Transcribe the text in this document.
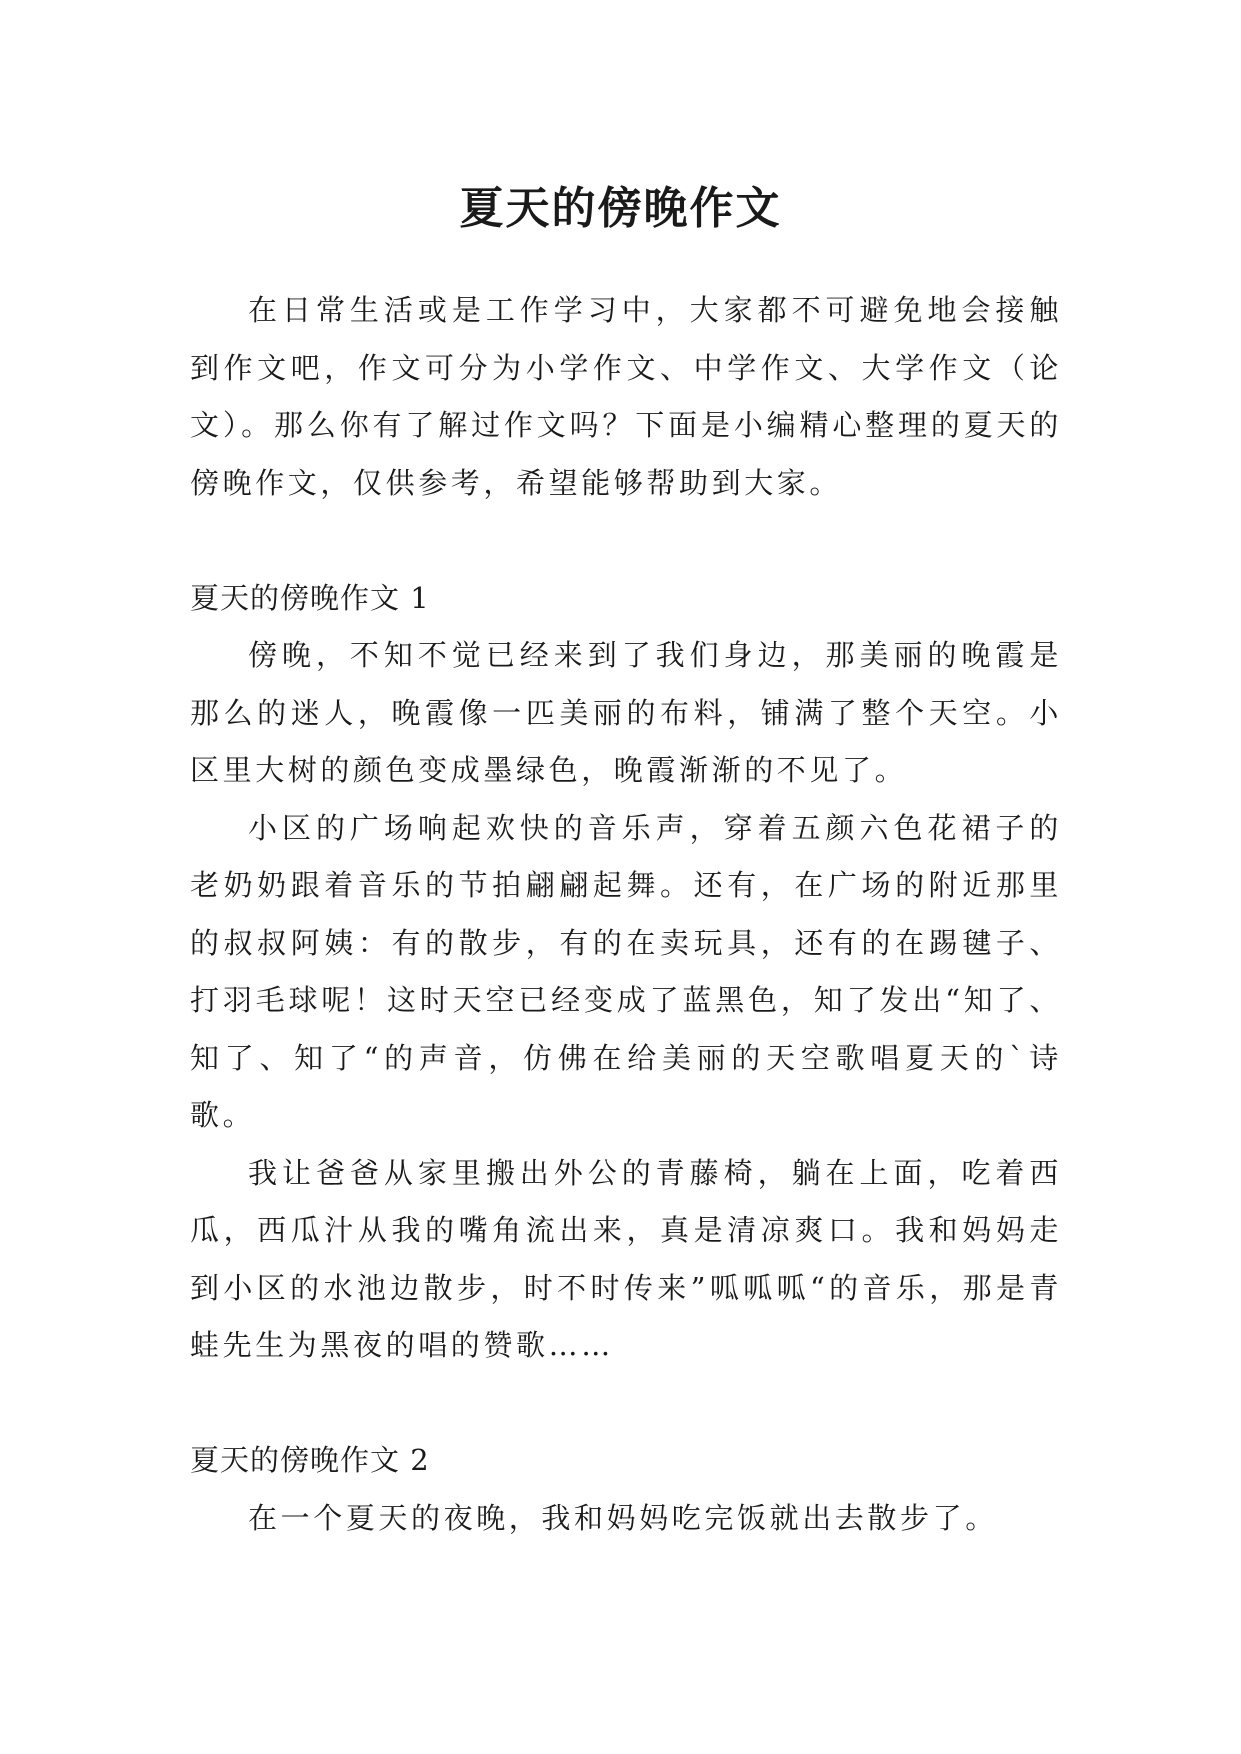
夏天的傍晚作文

在日常生活或是工作学习中，大家都不可避免地会接触到作文吧，作文可分为小学作文、中学作文、大学作文（论文）。那么你有了解过作文吗？下面是小编精心整理的夏天的傍晚作文，仅供参考，希望能够帮助到大家。

夏天的傍晚作文 1

傍晚，不知不觉已经来到了我们身边，那美丽的晚霞是那么的迷人，晚霞像一匹美丽的布料，铺满了整个天空。小区里大树的颜色变成墨绿色，晚霞渐渐的不见了。

小区的广场响起欢快的音乐声，穿着五颜六色花裙子的老奶奶跟着音乐的节拍翩翩起舞。还有，在广场的附近那里的叔叔阿姨：有的散步，有的在卖玩具，还有的在踢毽子、打羽毛球呢！这时天空已经变成了蓝黑色，知了发出“知了、知了、知了“的声音，仿佛在给美丽的天空歌唱夏天的`诗歌。

我让爸爸从家里搬出外公的青藤椅，躺在上面，吃着西瓜，西瓜汁从我的嘴角流出来，真是清凉爽口。我和妈妈走到小区的水池边散步，时不时传来”呱呱呱“的音乐，那是青蛙先生为黑夜的唱的赞歌……

夏天的傍晚作文 2

在一个夏天的夜晚，我和妈妈吃完饭就出去散步了。
